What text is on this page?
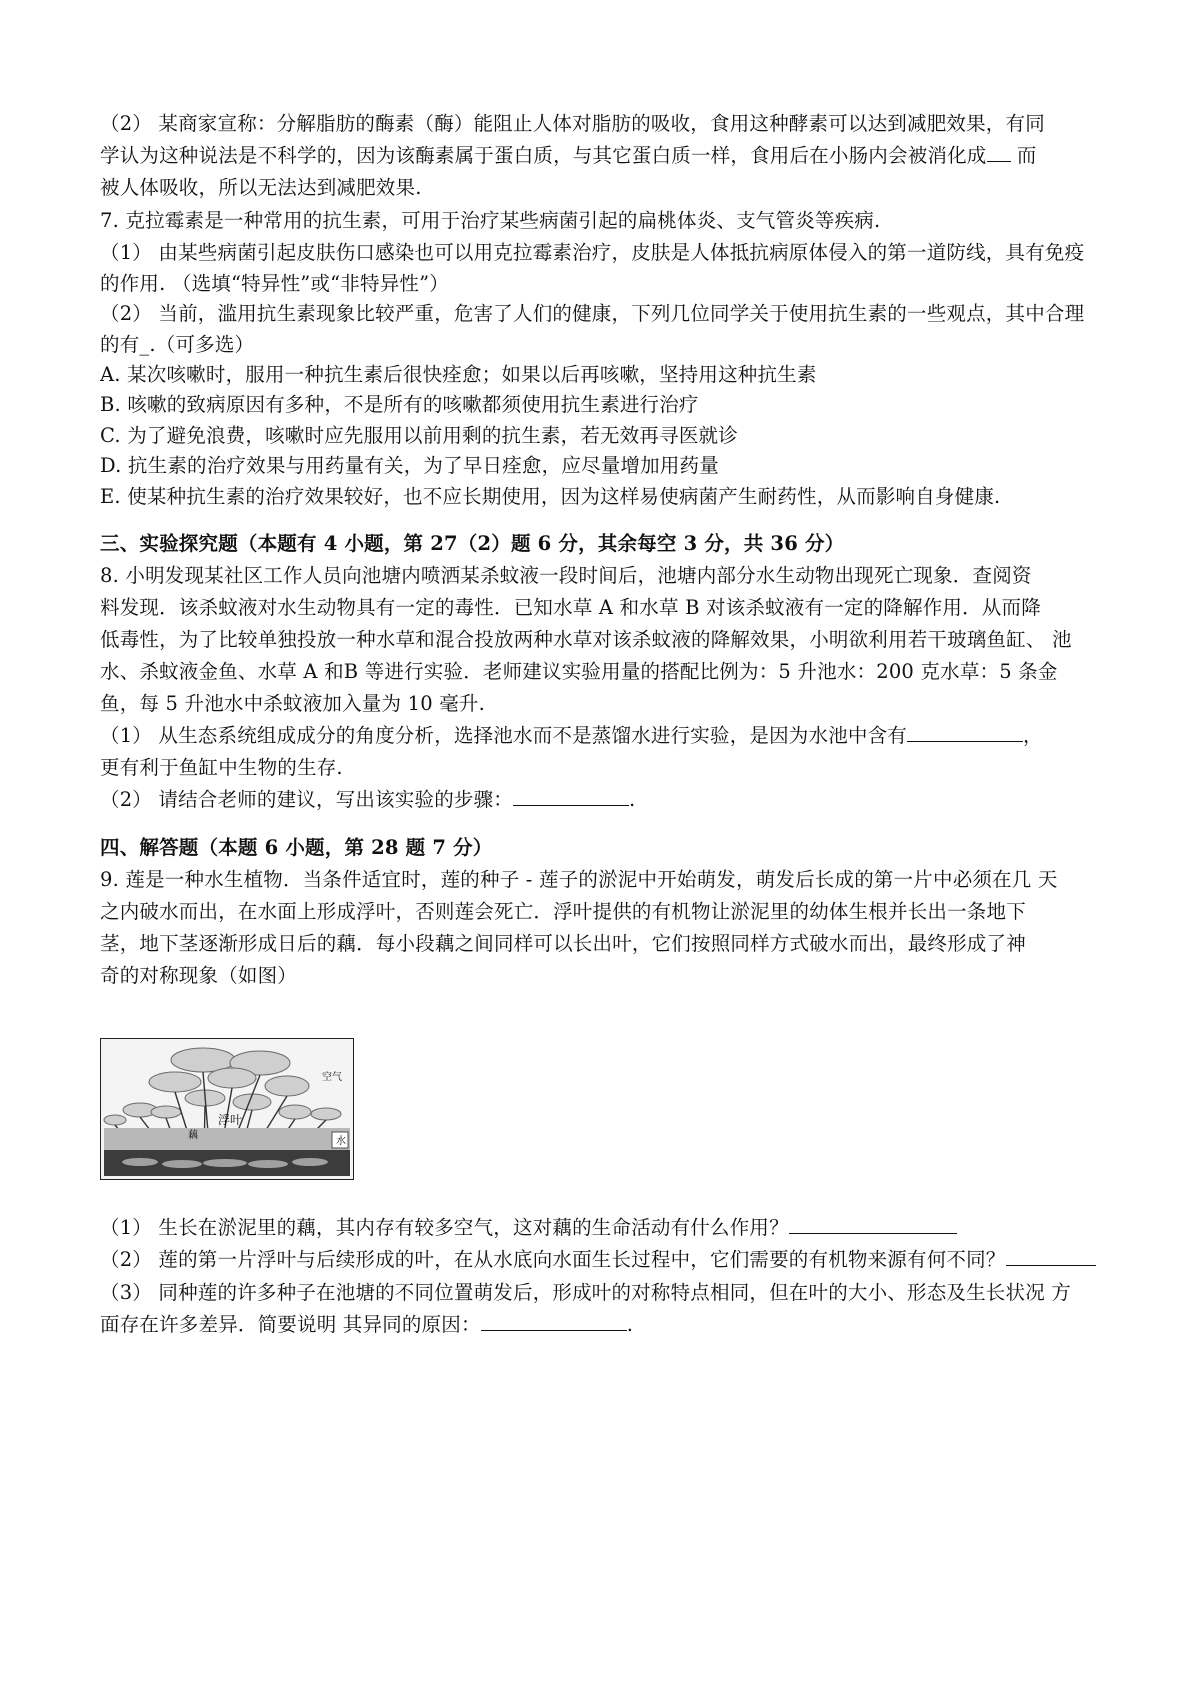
（2） 某商家宣称：分解脂肪的酶素（酶）能阻止人体对脂肪的吸收，食用这种酵素可以达到减肥效果，有同
学认为这种说法是不科学的，因为该酶素属于蛋白质，与其它蛋白质一样，食用后在小肠内会被消化成 而
被人体吸收，所以无法达到减肥效果.
7. 克拉霉素是一种常用的抗生素，可用于治疗某些病菌引起的扁桃体炎、支气管炎等疾病.
（1） 由某些病菌引起皮肤伤口感染也可以用克拉霉素治疗，皮肤是人体抵抗病原体侵入的第一道防线，具有免疫
的作用. （选填“特异性”或“非特异性”）
（2） 当前，滥用抗生素现象比较严重，危害了人们的健康，下列几位同学关于使用抗生素的一些观点，其中合理
的有_.（可多选）
A. 某次咳嗽时，服用一种抗生素后很快痊愈；如果以后再咳嗽，坚持用这种抗生素
B. 咳嗽的致病原因有多种，不是所有的咳嗽都须使用抗生素进行治疗
C. 为了避免浪费，咳嗽时应先服用以前用剩的抗生素，若无效再寻医就诊
D. 抗生素的治疗效果与用药量有关，为了早日痊愈，应尽量增加用药量
E. 使某种抗生素的治疗效果较好，也不应长期使用，因为这样易使病菌产生耐药性，从而影响自身健康.
三、实验探究题（本题有 4 小题，第 27（2）题 6 分，其余每空 3 分，共 36 分）
8. 小明发现某社区工作人员向池塘内喷洒某杀蚊液一段时间后，池塘内部分水生动物出现死亡现象．查阅资
料发现．该杀蚊液对水生动物具有一定的毒性．已知水草 A 和水草 B 对该杀蚊液有一定的降解作用．从而降
低毒性，为了比较单独投放一种水草和混合投放两种水草对该杀蚊液的降解效果，小明欲利用若干玻璃鱼缸、 池
水、杀蚊液金鱼、水草 A 和B 等进行实验．老师建议实验用量的搭配比例为：5 升池水：200 克水草：5 条金
鱼，每 5 升池水中杀蚊液加入量为 10 毫升.
（1） 从生态系统组成成分的角度分析，选择池水而不是蒸馏水进行实验，是因为水池中含有	，
更有利于鱼缸中生物的生存.
（2） 请结合老师的建议，写出该实验的步骤：	.
四、解答题（本题 6 小题，第 28 题 7 分）
9. 莲是一种水生植物．当条件适宜时，莲的种子 - 莲子的淤泥中开始萌发，萌发后长成的第一片中必须在几 天
之内破水而出，在水面上形成浮叶，否则莲会死亡．浮叶提供的有机物让淤泥里的幼体生根并长出一条地下
茎，地下茎逐渐形成日后的藕．每小段藕之间同样可以长出叶，它们按照同样方式破水而出，最终形成了神
奇的对称现象（如图）
空气
浮叶
藕
水
（1） 生长在淤泥里的藕，其内存有较多空气，这对藕的生命活动有什么作用？
（2） 莲的第一片浮叶与后续形成的叶，在从水底向水面生长过程中，它们需要的有机物来源有何不同？
（3） 同种莲的许多种子在池塘的不同位置萌发后，形成叶的对称特点相同，但在叶的大小、形态及生长状况 方
面存在许多差异．简要说明 其异同的原因：	.
